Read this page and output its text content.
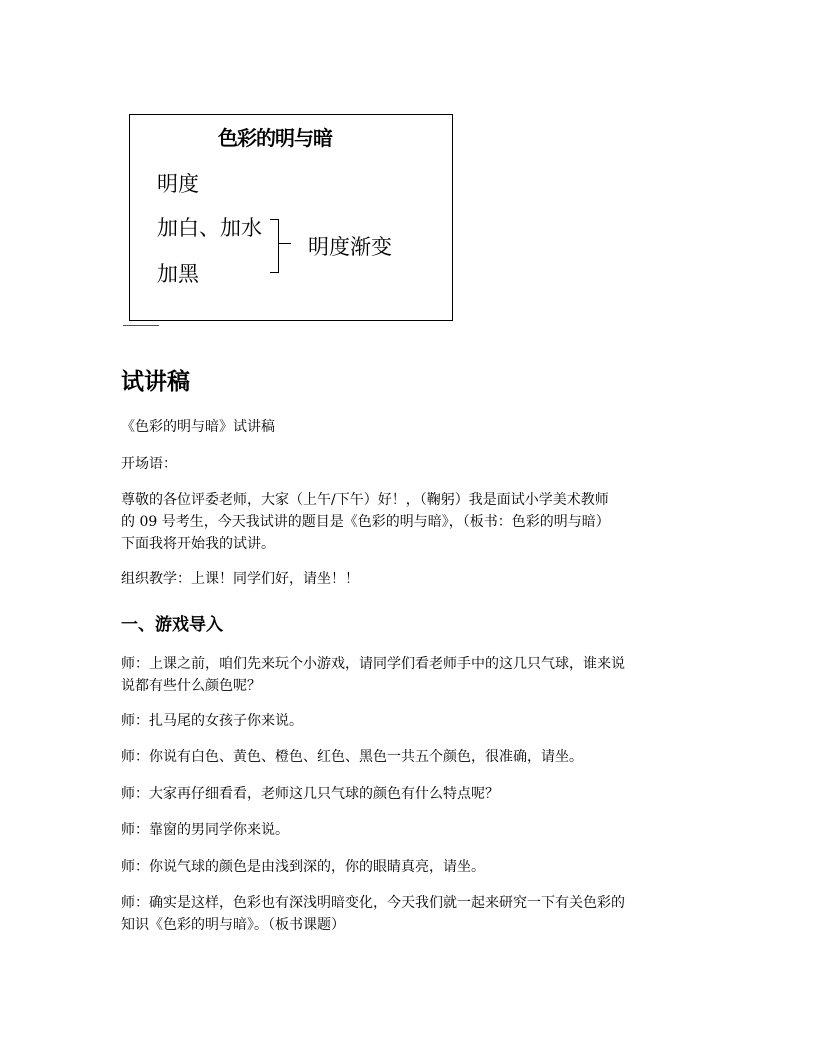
色彩的明与暗
明度
加白、加水
加黑
明度渐变
试讲稿
《色彩的明与暗》试讲稿
开场语：
尊敬的各位评委老师，大家（上午/下午）好！，（鞠躬）我是面试小学美术教师
的 09 号考生，今天我试讲的题目是《色彩的明与暗》，（板书：色彩的明与暗）
下面我将开始我的试讲。
组织教学：上课！同学们好，请坐！！
一、游戏导入
师：上课之前，咱们先来玩个小游戏，请同学们看老师手中的这几只气球，谁来说
说都有些什么颜色呢？
师：扎马尾的女孩子你来说。
师：你说有白色、黄色、橙色、红色、黑色一共五个颜色，很准确，请坐。
师：大家再仔细看看，老师这几只气球的颜色有什么特点呢？
师：靠窗的男同学你来说。
师：你说气球的颜色是由浅到深的，你的眼睛真亮，请坐。
师：确实是这样，色彩也有深浅明暗变化，今天我们就一起来研究一下有关色彩的
知识《色彩的明与暗》。（板书课题）
